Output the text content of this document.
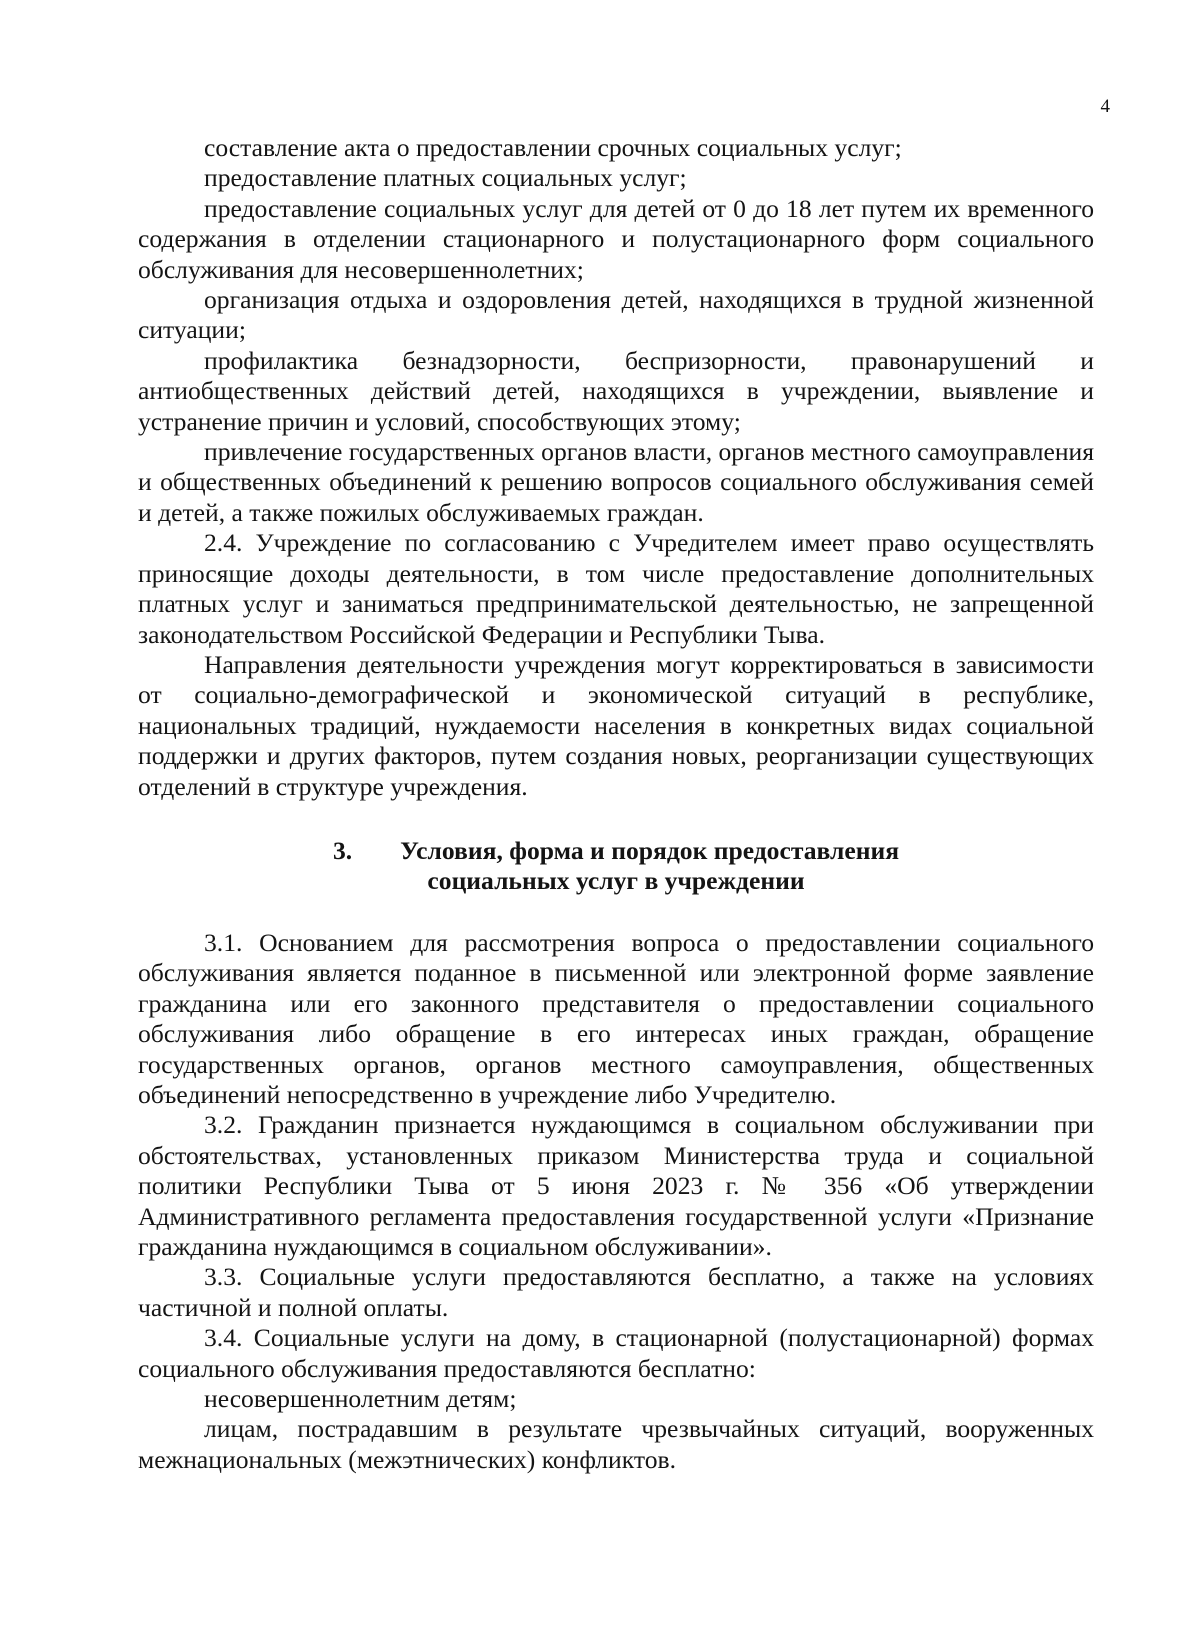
4

составление акта о предоставлении срочных социальных услуг;

предоставление платных социальных услуг;

предоставление социальных услуг для детей от 0 до 18 лет путем их временного содержания в отделении стационарного и полустационарного форм социального обслуживания для несовершеннолетних;

организация отдыха и оздоровления детей, находящихся в трудной жизненной ситуации;

профилактика безнадзорности, беспризорности, правонарушений и антиобщественных действий детей, находящихся в учреждении, выявление и устранение причин и условий, способствующих этому;

привлечение государственных органов власти, органов местного самоуправления и общественных объединений к решению вопросов социального обслуживания семей и детей, а также пожилых обслуживаемых граждан.

2.4. Учреждение по согласованию с Учредителем имеет право осуществлять приносящие доходы деятельности, в том числе предоставление дополнительных платных услуг и заниматься предпринимательской деятельностью, не запрещенной законодательством Российской Федерации и Республики Тыва.

Направления деятельности учреждения могут корректироваться в зависимости от социально-демографической и экономической ситуаций в республике, национальных традиций, нуждаемости населения в конкретных видах социальной поддержки и других факторов, путем создания новых, реорганизации существующих отделений в структуре учреждения.

3. Условия, форма и порядок предоставления
социальных услуг в учреждении

3.1. Основанием для рассмотрения вопроса о предоставлении социального обслуживания является поданное в письменной или электронной форме заявление гражданина или его законного представителя о предоставлении социального обслуживания либо обращение в его интересах иных граждан, обращение государственных органов, органов местного самоуправления, общественных объединений непосредственно в учреждение либо Учредителю.

3.2. Гражданин признается нуждающимся в социальном обслуживании при обстоятельствах, установленных приказом Министерства труда и социальной политики Республики Тыва от 5 июня 2023 г. № 356 «Об утверждении Административного регламента предоставления государственной услуги «Признание гражданина нуждающимся в социальном обслуживании».

3.3. Социальные услуги предоставляются бесплатно, а также на условиях частичной и полной оплаты.

3.4. Социальные услуги на дому, в стационарной (полустационарной) формах социального обслуживания предоставляются бесплатно:

несовершеннолетним детям;

лицам, пострадавшим в результате чрезвычайных ситуаций, вооруженных межнациональных (межэтнических) конфликтов.
